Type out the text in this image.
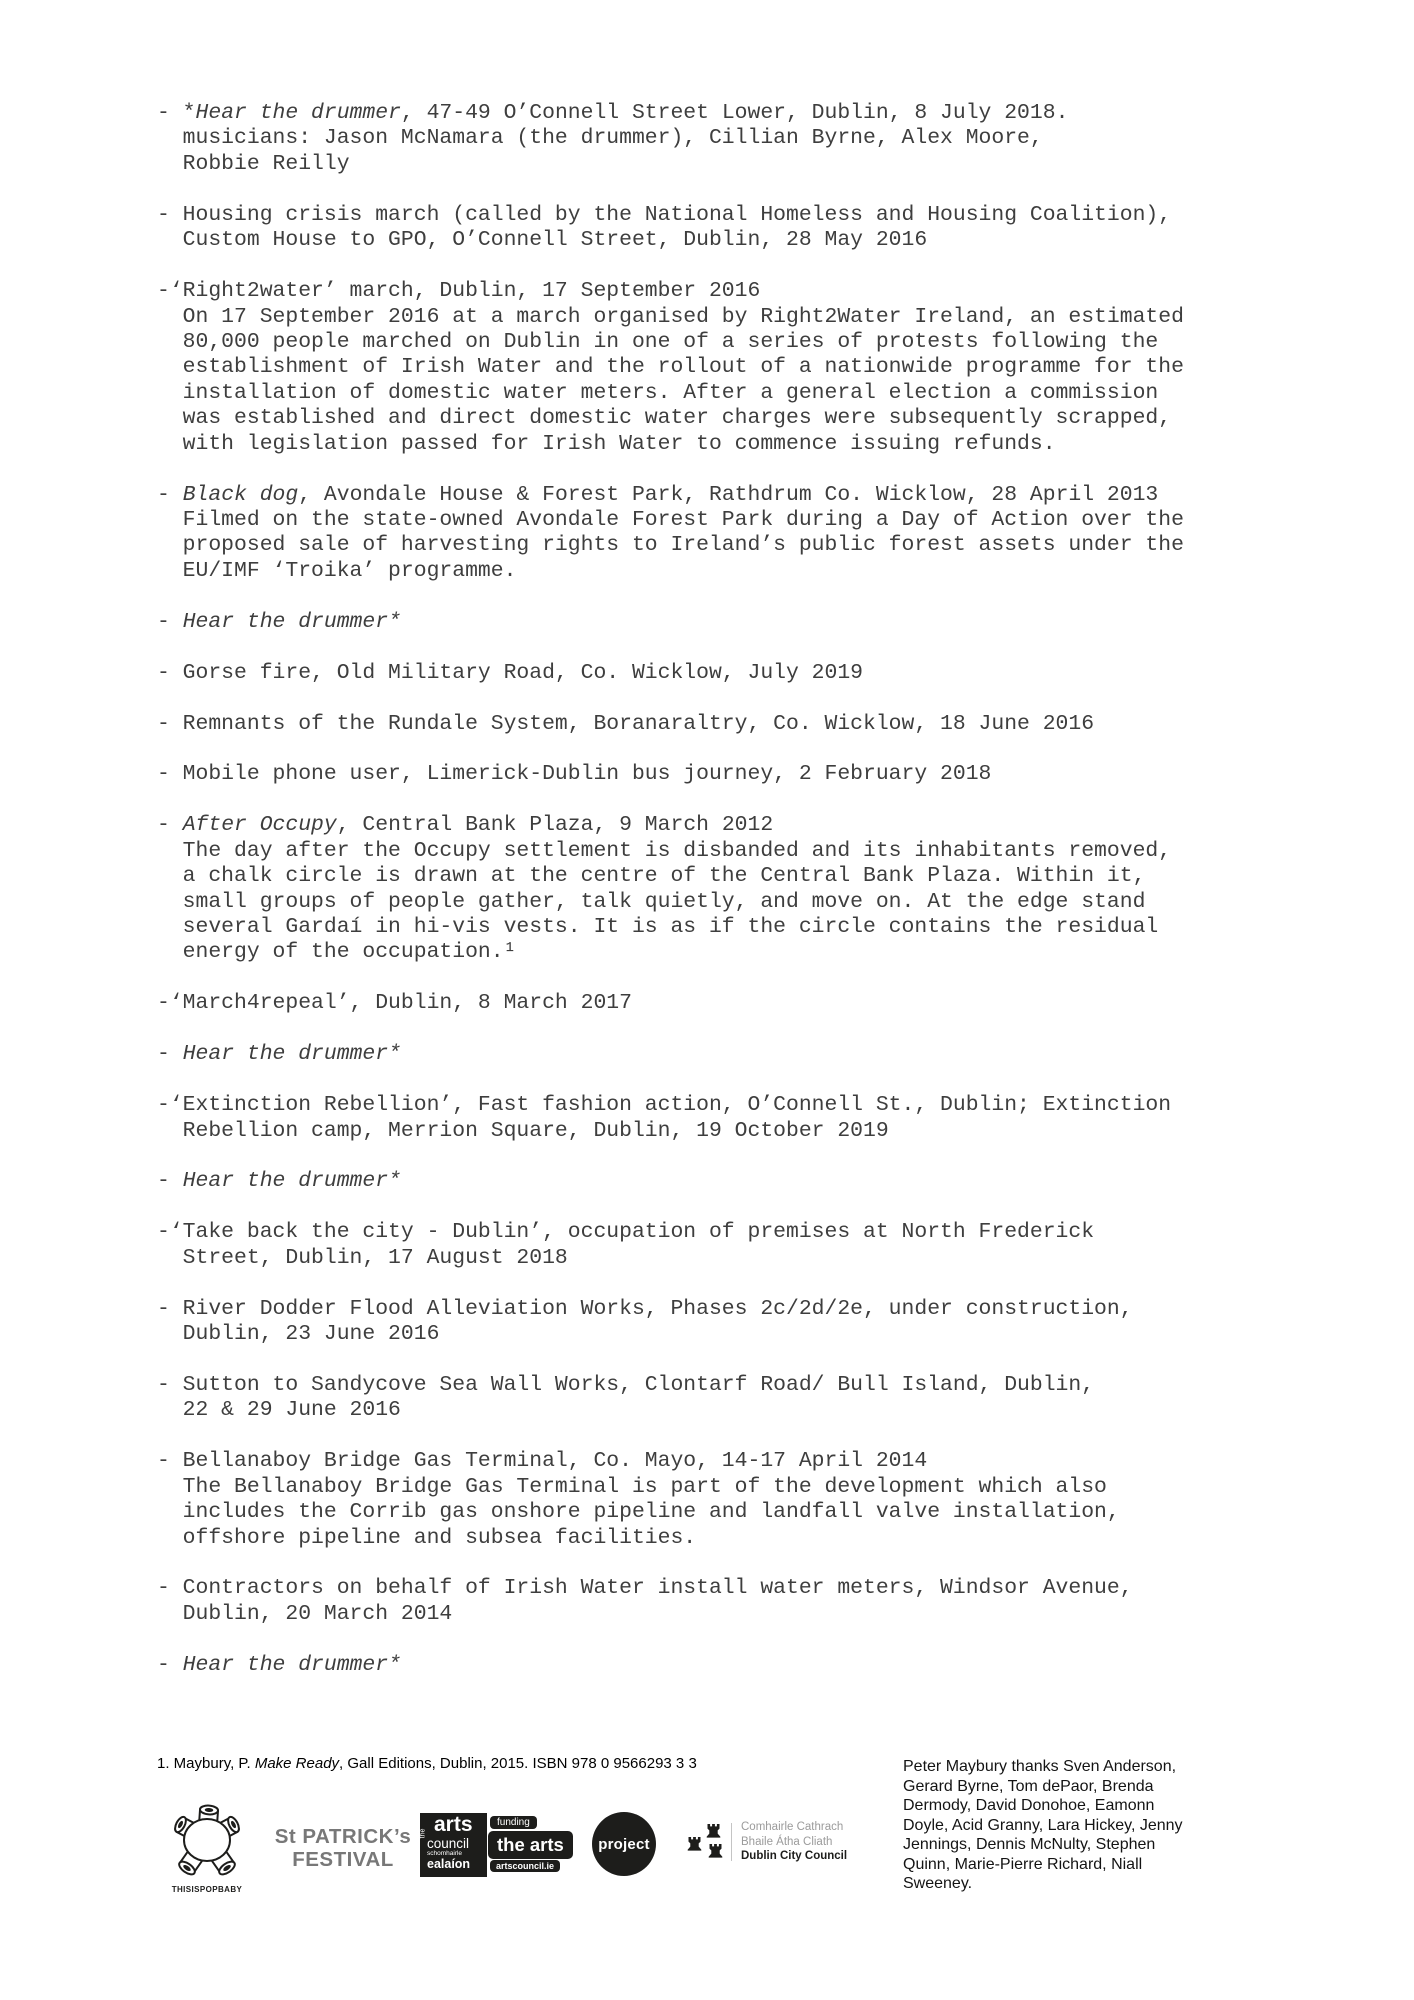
- *Hear the drummer, 47-49 O’Connell Street Lower, Dublin, 8 July 2018.
musicians: Jason McNamara (the drummer), Cillian Byrne, Alex Moore,
Robbie Reilly
- Housing crisis march (called by the National Homeless and Housing Coalition),
Custom House to GPO, O’Connell Street, Dublin, 28 May 2016
-‘Right2water’ march, Dublin, 17 September 2016
On 17 September 2016 at a march organised by Right2Water Ireland, an estimated
80,000 people marched on Dublin in one of a series of protests following the
establishment of Irish Water and the rollout of a nationwide programme for the
installation of domestic water meters. After a general election a commission
was established and direct domestic water charges were subsequently scrapped,
with legislation passed for Irish Water to commence issuing refunds.
- Black dog, Avondale House & Forest Park, Rathdrum Co. Wicklow, 28 April 2013
Filmed on the state-owned Avondale Forest Park during a Day of Action over the
proposed sale of harvesting rights to Ireland’s public forest assets under the
EU/IMF ‘Troika’ programme.
- Hear the drummer*
- Gorse fire, Old Military Road, Co. Wicklow, July 2019
- Remnants of the Rundale System, Boranaraltry, Co. Wicklow, 18 June 2016
- Mobile phone user, Limerick-Dublin bus journey, 2 February 2018
- After Occupy, Central Bank Plaza, 9 March 2012
The day after the Occupy settlement is disbanded and its inhabitants removed,
a chalk circle is drawn at the centre of the Central Bank Plaza. Within it,
small groups of people gather, talk quietly, and move on. At the edge stand
several Gardaí in hi-vis vests. It is as if the circle contains the residual
energy of the occupation.¹
-‘March4repeal’, Dublin, 8 March 2017
- Hear the drummer*
-‘Extinction Rebellion’, Fast fashion action, O’Connell St., Dublin; Extinction
Rebellion camp, Merrion Square, Dublin, 19 October 2019
- Hear the drummer*
-‘Take back the city - Dublin’, occupation of premises at North Frederick
Street, Dublin, 17 August 2018
- River Dodder Flood Alleviation Works, Phases 2c/2d/2e, under construction,
Dublin, 23 June 2016
- Sutton to Sandycove Sea Wall Works, Clontarf Road/ Bull Island, Dublin,
22 & 29 June 2016
- Bellanaboy Bridge Gas Terminal, Co. Mayo, 14-17 April 2014
The Bellanaboy Bridge Gas Terminal is part of the development which also
includes the Corrib gas onshore pipeline and landfall valve installation,
offshore pipeline and subsea facilities.
- Contractors on behalf of Irish Water install water meters, Windsor Avenue,
Dublin, 20 March 2014
- Hear the drummer*
1. Maybury, P. Make Ready, Gall Editions, Dublin, 2015. ISBN 978 0 9566293 3 3	Peter Maybury thanks Sven Anderson,
Gerard Byrne, Tom dePaor, Brenda
Dermody, David Donohoe, Eamonn
Doyle, Acid Granny, Lara Hickey, Jenny
Jennings, Dennis McNulty, Stephen
Quinn, Marie-Pierre Richard, Niall
Sweeney.
THISISPOPBABY
St PATRICK’s
FESTIVAL
the arts
council
schomhairle
ealaíon
funding
the arts
artscouncil.ie
project
Comhairle Cathrach
Bhaile Átha Cliath
Dublin City Council
